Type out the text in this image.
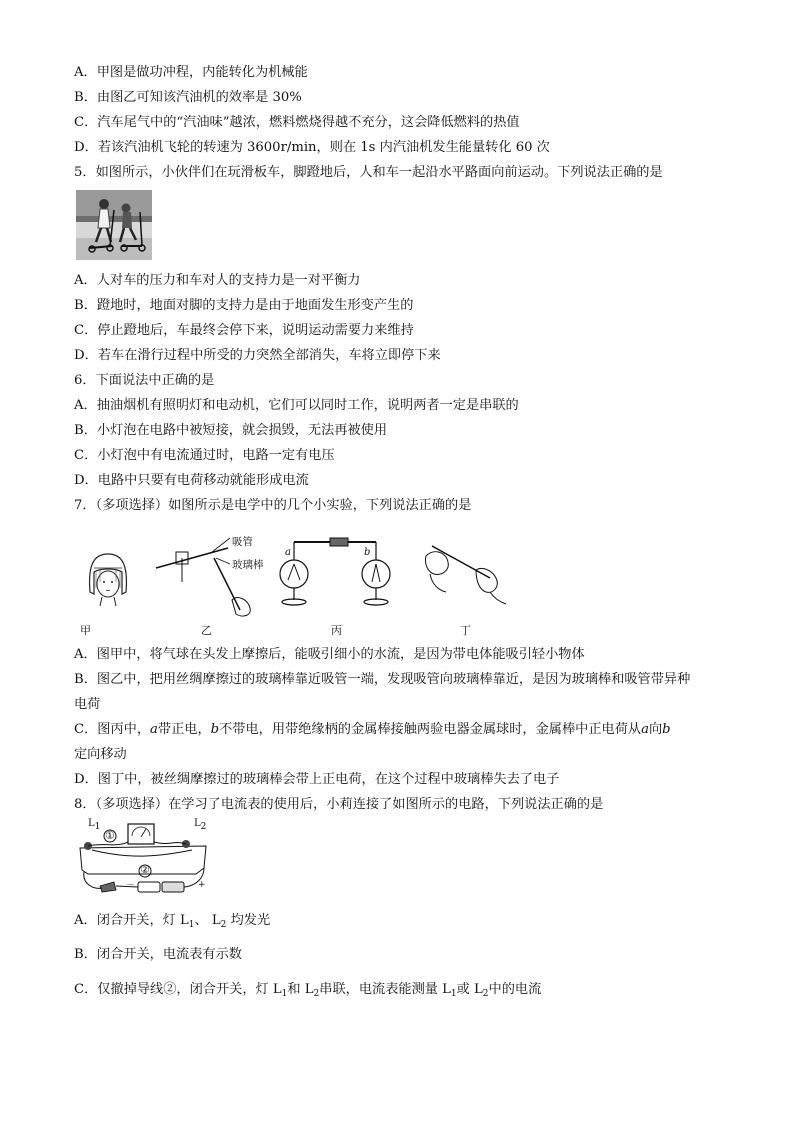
A．甲图是做功冲程，内能转化为机械能
B．由图乙可知该汽油机的效率是 30%
C．汽车尾气中的“汽油味”越浓，燃料燃烧得越不充分，这会降低燃料的热值
D．若该汽油机飞轮的转速为 3600r/min，则在 1s 内汽油机发生能量转化 60 次
5．如图所示，小伙伴们在玩滑板车，脚蹬地后，人和车一起沿水平路面向前运动。下列说法正确的是
A．人对车的压力和车对人的支持力是一对平衡力
B．蹬地时，地面对脚的支持力是由于地面发生形变产生的
C．停止蹬地后，车最终会停下来，说明运动需要力来维持
D．若车在滑行过程中所受的力突然全部消失，车将立即停下来
6．下面说法中正确的是
A．抽油烟机有照明灯和电动机，它们可以同时工作，说明两者一定是串联的
B．小灯泡在电路中被短接，就会损毁，无法再被使用
C．小灯泡中有电流通过时，电路一定有电压
D．电路中只要有电荷移动就能形成电流
7．（多项选择）如图所示是电学中的几个小实验，下列说法正确的是
吸管
玻璃棒
a	b
甲	乙	丙	丁
A．图甲中，将气球在头发上摩擦后，能吸引细小的水流，是因为带电体能吸引轻小物体
B．图乙中，把用丝绸摩擦过的玻璃棒靠近吸管一端，发现吸管向玻璃棒靠近，是因为玻璃棒和吸管带异种
电荷
C．图丙中，a带正电，b不带电，用带绝缘柄的金属棒接触两验电器金属球时，金属棒中正电荷从a向b
定向移动
D．图丁中，被丝绸摩擦过的玻璃棒会带上正电荷，在这个过程中玻璃棒失去了电子
8．（多项选择）在学习了电流表的使用后，小莉连接了如图所示的电路，下列说法正确的是
$L_1$	$L_2$
①
②
－	+
A．闭合开关，灯 $L_1$、 $L_2$ 均发光
B．闭合开关，电流表有示数
C．仅撤掉导线②，闭合开关，灯 $L_1$和 $L_2$串联，电流表能测量 $L_1$或 $L_2$中的电流
